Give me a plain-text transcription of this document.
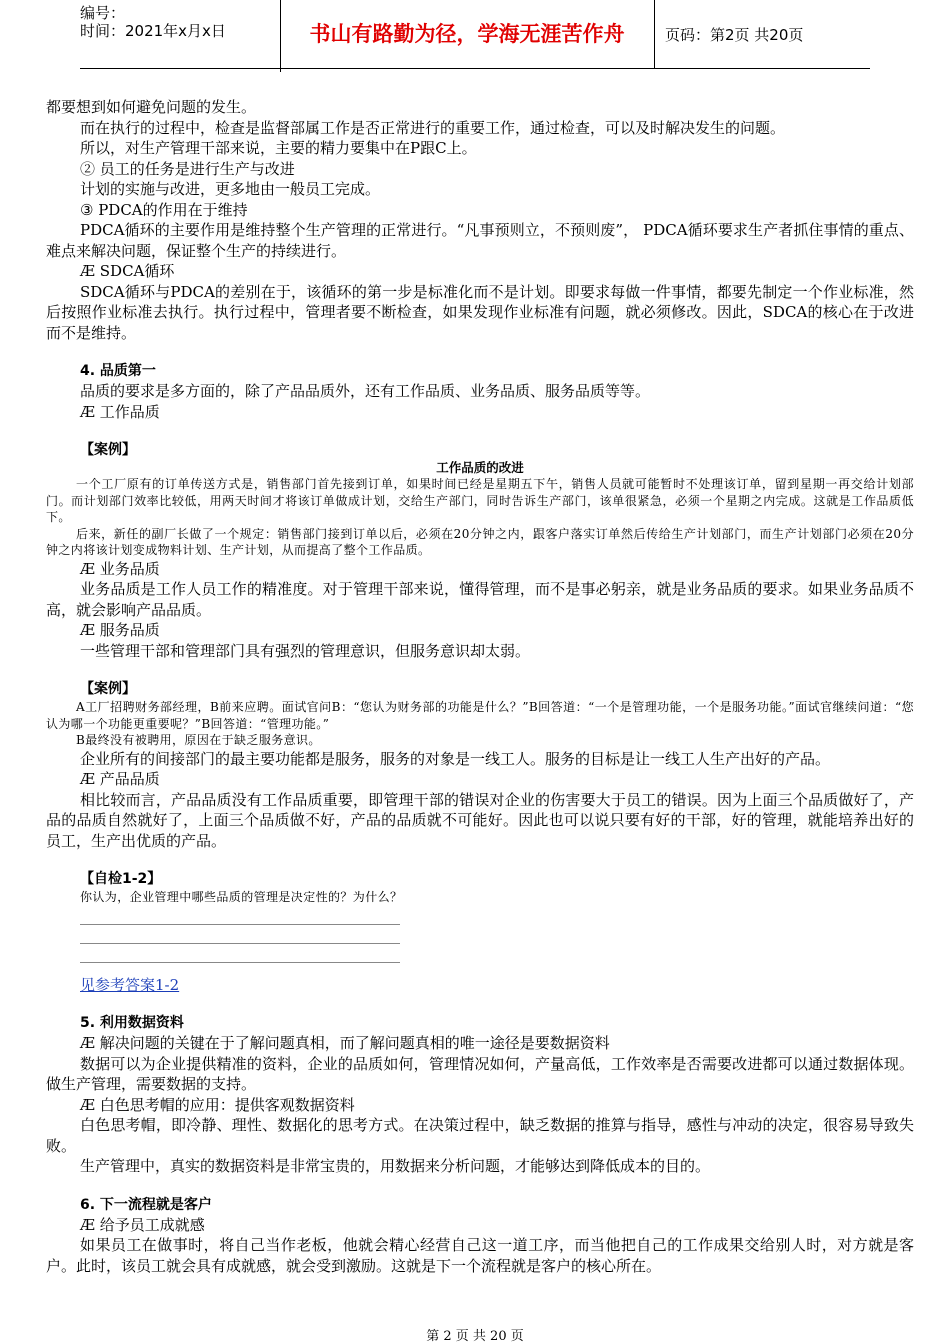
编号：
时间：2021年x月x日	书山有路勤为径，学海无涯苦作舟	页码：第2页 共20页

都要想到如何避免问题的发生。

而在执行的过程中，检查是监督部属工作是否正常进行的重要工作，通过检查，可以及时解决发生的问题。

所以，对生产管理干部来说，主要的精力要集中在P跟C上。

② 员工的任务是进行生产与改进

计划的实施与改进，更多地由一般员工完成。

③ PDCA的作用在于维持

PDCA循环的主要作用是维持整个生产管理的正常进行。“凡事预则立，不预则废”， PDCA循环要求生产者抓住事情的重点、难点来解决问题，保证整个生产的持续进行。

Æ SDCA循环

SDCA循环与PDCA的差别在于，该循环的第一步是标准化而不是计划。即要求每做一件事情，都要先制定一个作业标准，然后按照作业标准去执行。执行过程中，管理者要不断检查，如果发现作业标准有问题，就必须修改。因此，SDCA的核心在于改进而不是维持。

4. 品质第一

品质的要求是多方面的，除了产品品质外，还有工作品质、业务品质、服务品质等等。

Æ 工作品质

【案例】

工作品质的改进

一个工厂原有的订单传送方式是，销售部门首先接到订单，如果时间已经是星期五下午，销售人员就可能暂时不处理该订单，留到星期一再交给计划部门。而计划部门效率比较低，用两天时间才将该订单做成计划，交给生产部门，同时告诉生产部门，该单很紧急，必须一个星期之内完成。这就是工作品质低下。

后来，新任的副厂长做了一个规定：销售部门接到订单以后，必须在20分钟之内，跟客户落实订单然后传给生产计划部门，而生产计划部门必须在20分钟之内将该计划变成物料计划、生产计划，从而提高了整个工作品质。

Æ 业务品质

业务品质是工作人员工作的精准度。对于管理干部来说，懂得管理，而不是事必躬亲，就是业务品质的要求。如果业务品质不高，就会影响产品品质。

Æ 服务品质

一些管理干部和管理部门具有强烈的管理意识，但服务意识却太弱。

【案例】

A工厂招聘财务部经理，B前来应聘。面试官问B：“您认为财务部的功能是什么？”B回答道：“一个是管理功能，一个是服务功能。”面试官继续问道：“您认为哪一个功能更重要呢？”B回答道：“管理功能。”

B最终没有被聘用，原因在于缺乏服务意识。

企业所有的间接部门的最主要功能都是服务，服务的对象是一线工人。服务的目标是让一线工人生产出好的产品。

Æ 产品品质

相比较而言，产品品质没有工作品质重要，即管理干部的错误对企业的伤害要大于员工的错误。因为上面三个品质做好了，产品的品质自然就好了，上面三个品质做不好，产品的品质就不可能好。因此也可以说只要有好的干部，好的管理，就能培养出好的员工，生产出优质的产品。

【自检1-2】

你认为，企业管理中哪些品质的管理是决定性的？为什么？

见参考答案1-2

5. 利用数据资料

Æ 解决问题的关键在于了解问题真相，而了解问题真相的唯一途径是要数据资料

数据可以为企业提供精准的资料，企业的品质如何，管理情况如何，产量高低，工作效率是否需要改进都可以通过数据体现。做生产管理，需要数据的支持。

Æ 白色思考帽的应用：提供客观数据资料

白色思考帽，即冷静、理性、数据化的思考方式。在决策过程中，缺乏数据的推算与指导，感性与冲动的决定，很容易导致失败。

生产管理中，真实的数据资料是非常宝贵的，用数据来分析问题，才能够达到降低成本的目的。

6. 下一流程就是客户

Æ 给予员工成就感

如果员工在做事时，将自己当作老板，他就会精心经营自己这一道工序，而当他把自己的工作成果交给别人时，对方就是客户。此时，该员工就会具有成就感，就会受到激励。这就是下一个流程就是客户的核心所在。

第 2 页 共 20 页
